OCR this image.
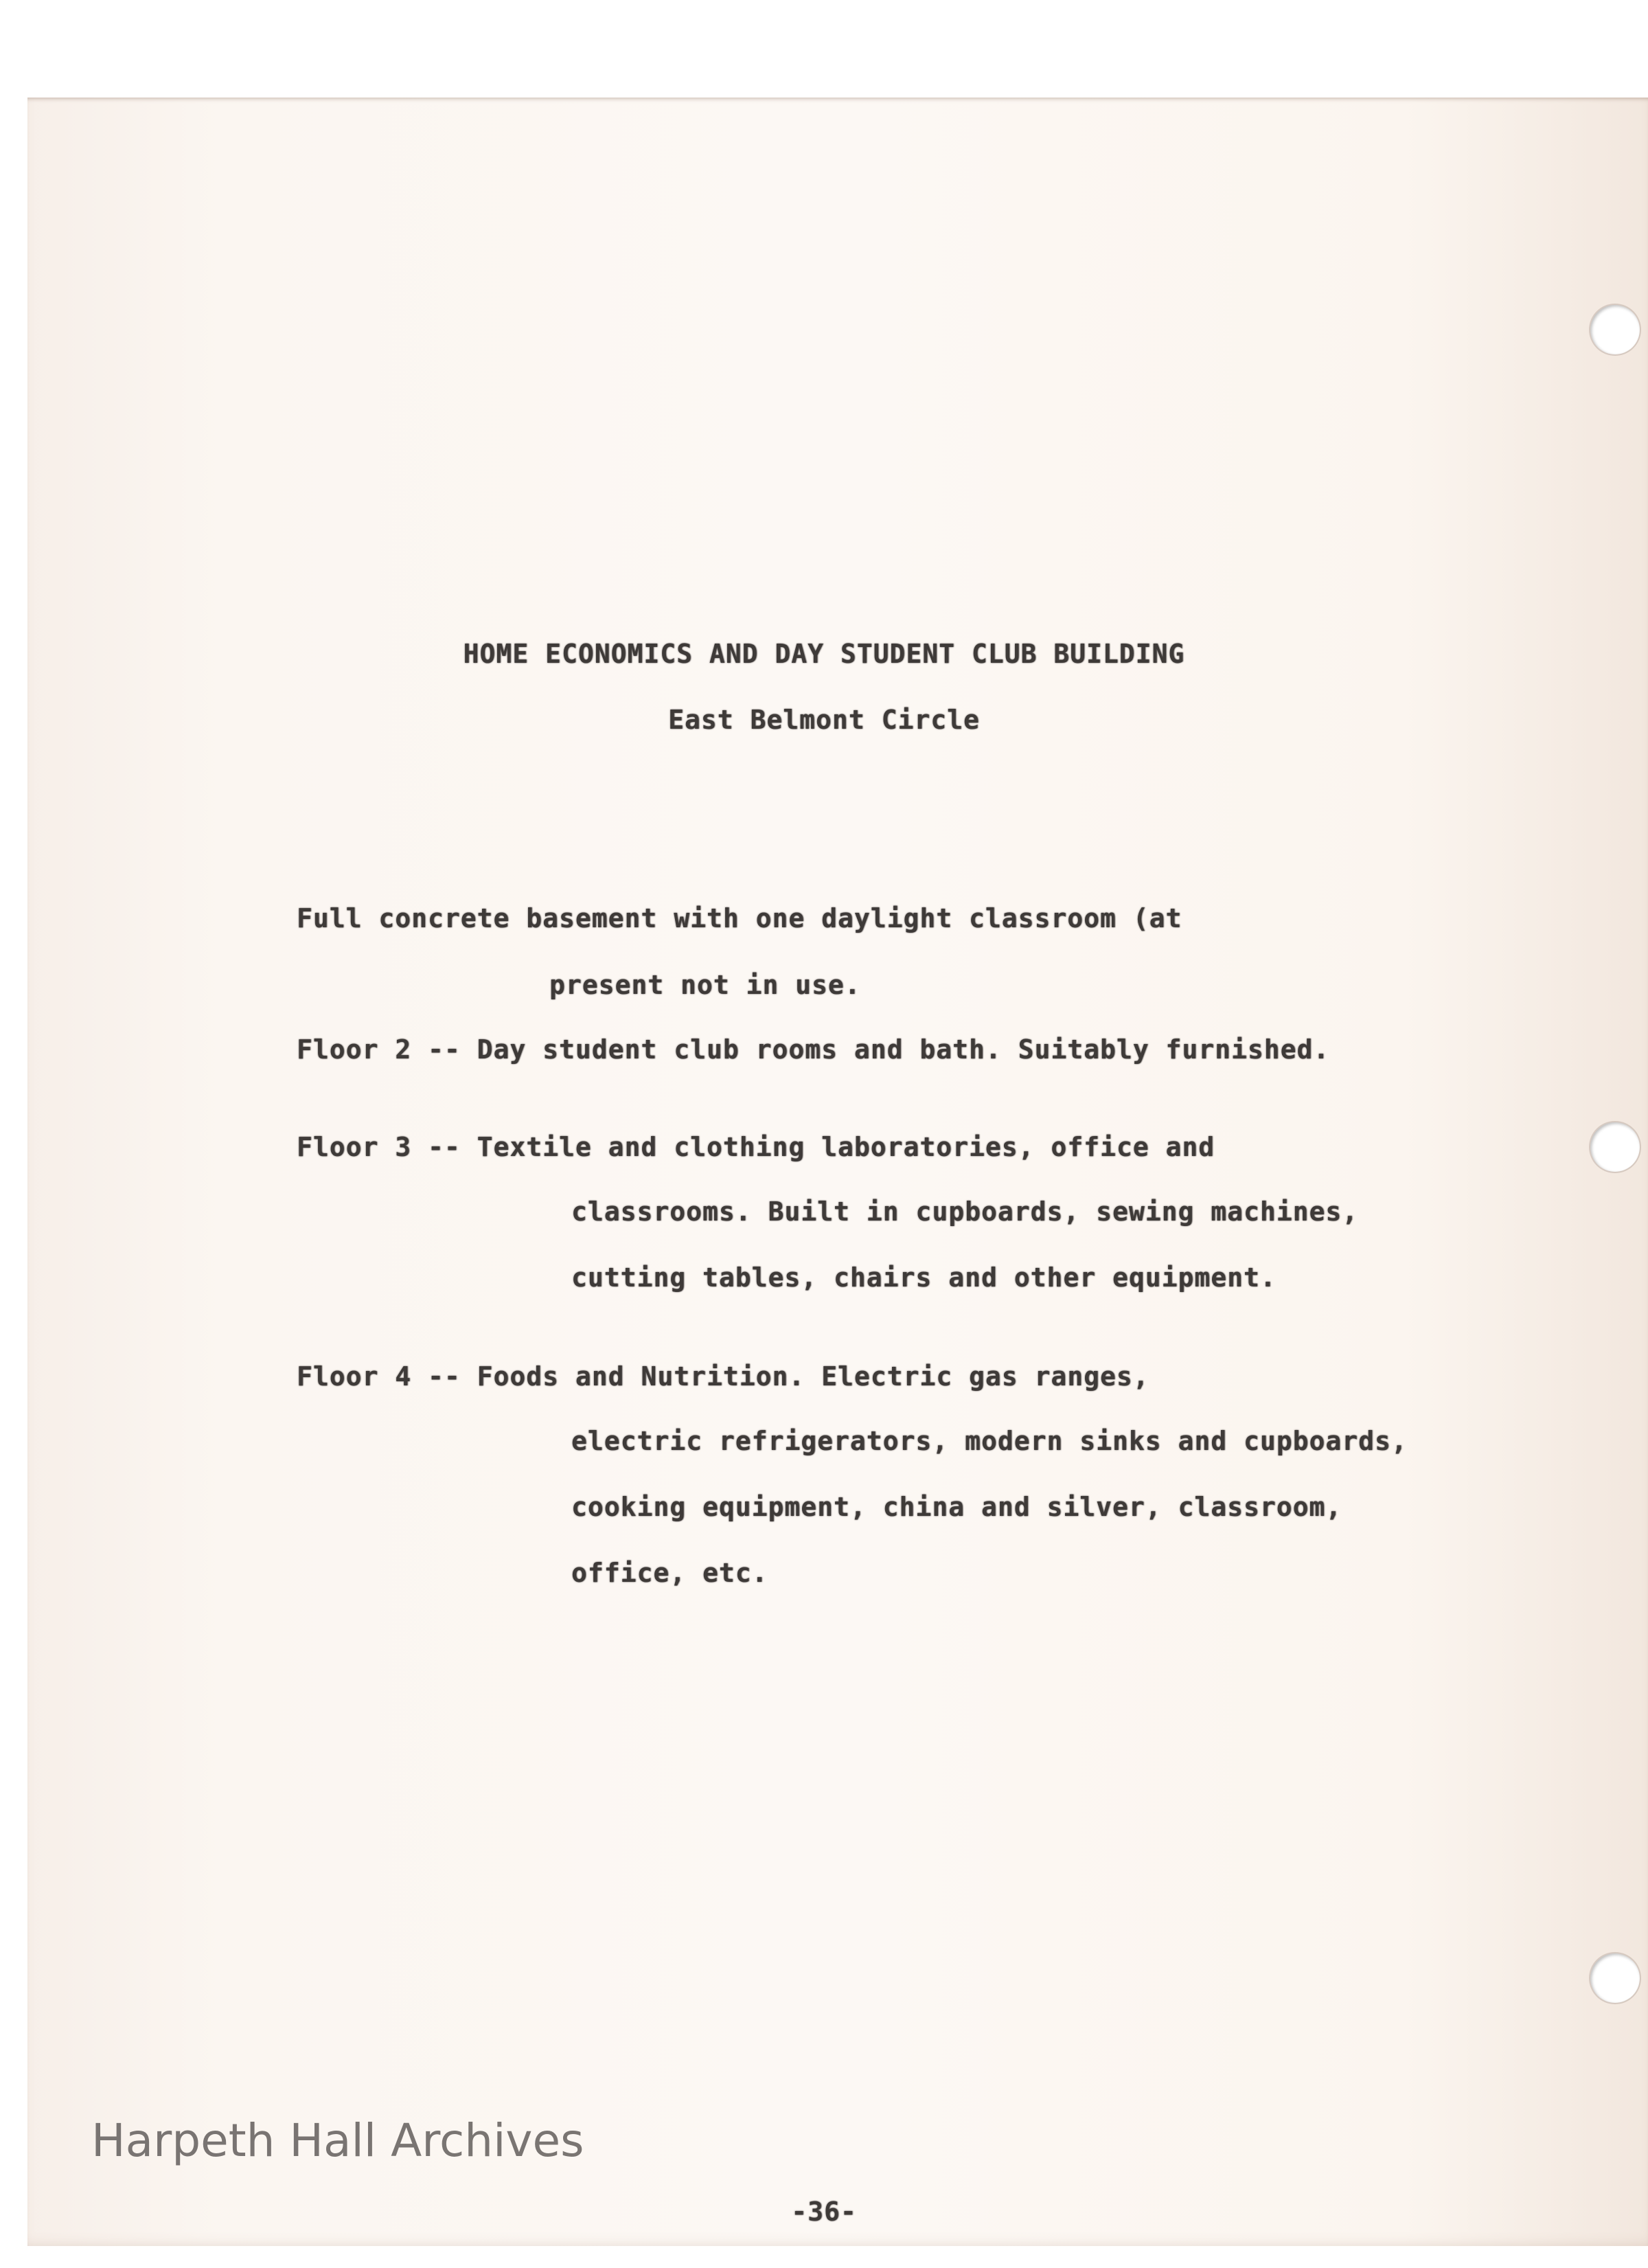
HOME ECONOMICS AND DAY STUDENT CLUB BUILDING

East Belmont Circle

Full concrete basement with one daylight classroom (at

present not in use.

Floor 2 -- Day student club rooms and bath. Suitably furnished.

Floor 3 -- Textile and clothing laboratories, office and

classrooms. Built in cupboards, sewing machines,

cutting tables, chairs and other equipment.

Floor 4 -- Foods and Nutrition. Electric gas ranges,

electric refrigerators, modern sinks and cupboards,

cooking equipment, china and silver, classroom,

office, etc.

Harpeth Hall Archives

-36-
